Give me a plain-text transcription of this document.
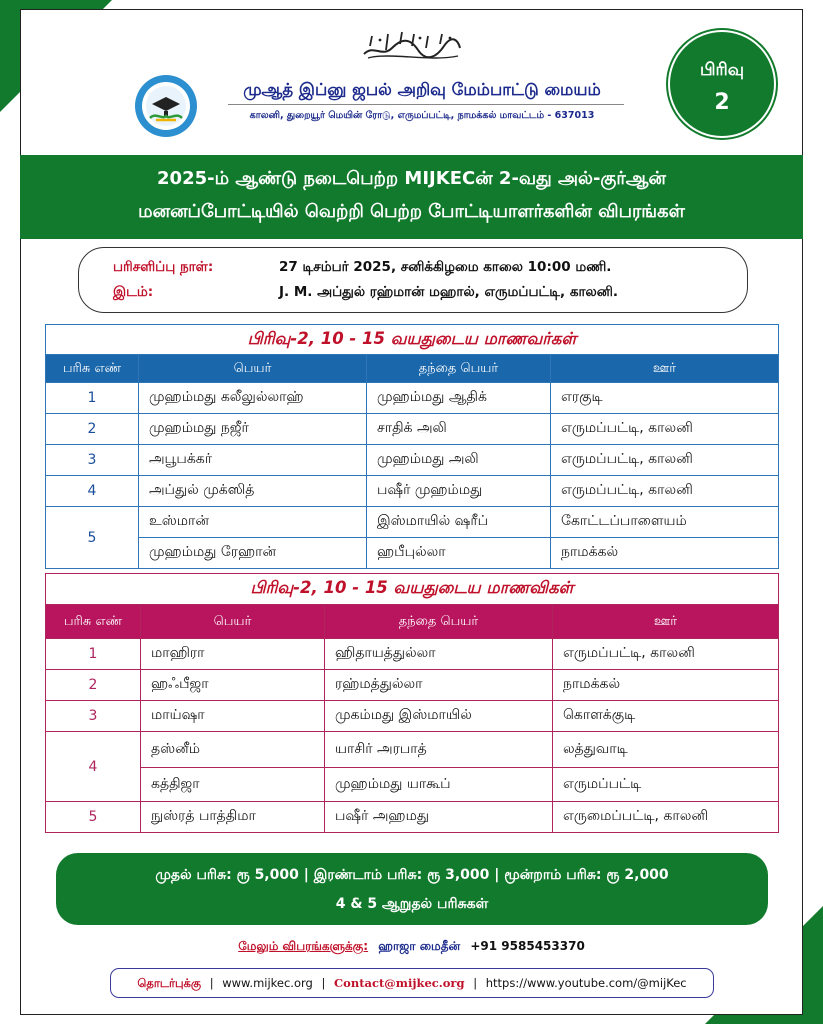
முஆத் இப்னு ஜபல் அறிவு மேம்பாட்டு மையம்
காலனி, துறையூர் மெயின் ரோடு, எருமப்பட்டி, நாமக்கல் மாவட்டம் - 637013
பிரிவு
2
2025-ம் ஆண்டு நடைபெற்ற MIJKECன் 2-வது அல்-குர்ஆன்
மனனப்போட்டியில் வெற்றி பெற்ற போட்டியாளர்களின் விபரங்கள்
பரிசளிப்பு நாள்:	27 டிசம்பர் 2025, சனிக்கிழமை காலை 10:00 மணி.
இடம்:	J. M. அப்துல் ரஹ்மான் மஹால், எருமப்பட்டி, காலனி.
பிரிவு-2, 10 - 15 வயதுடைய மாணவர்கள்			
பரிசு எண்	பெயர்	தந்தை பெயர்	ஊர்
1	முஹம்மது கலீலுல்லாஹ்	முஹம்மது ஆதிக்	எரகுடி
2	முஹம்மது நஜீர்	சாதிக் அலி	எருமப்பட்டி, காலனி
3	அபூபக்கர்	முஹம்மது அலி	எருமப்பட்டி, காலனி
4	அப்துல் முக்ஸித்	பஷீர் முஹம்மது	எருமப்பட்டி, காலனி
5	உஸ்மான்	இஸ்மாயில் ஷரீப்	கோட்டப்பாளையம்
	முஹம்மது ரேஹான்	ஹபீபுல்லா	நாமக்கல்
பிரிவு-2, 10 - 15 வயதுடைய மாணவிகள்			
பரிசு எண்	பெயர்	தந்தை பெயர்	ஊர்
1	மாஹிரா	ஹிதாயத்துல்லா	எருமப்பட்டி, காலனி
2	ஹஃபீஜா	ரஹ்மத்துல்லா	நாமக்கல்
3	மாய்ஷா	முகம்மது இஸ்மாயில்	கொளக்குடி
4	தஸ்னீம்	யாசிர் அரபாத்	லத்துவாடி
	கத்திஜா	முஹம்மது யாகூப்	எருமப்பட்டி
5	நுஸ்ரத் பாத்திமா	பஷீர் அஹமது	எருமைப்பட்டி, காலனி
முதல் பரிசு: ரூ 5,000 | இரண்டாம் பரிசு: ரூ 3,000 | மூன்றாம் பரிசு: ரூ 2,000
4 & 5 ஆறுதல் பரிசுகள்
மேலும் விபரங்களுக்கு: ஹாஜா மைதீன் +91 9585453370
தொடர்புக்கு | www.mijkec.org | Contact@mijkec.org | https://www.youtube.com/@mijKec
